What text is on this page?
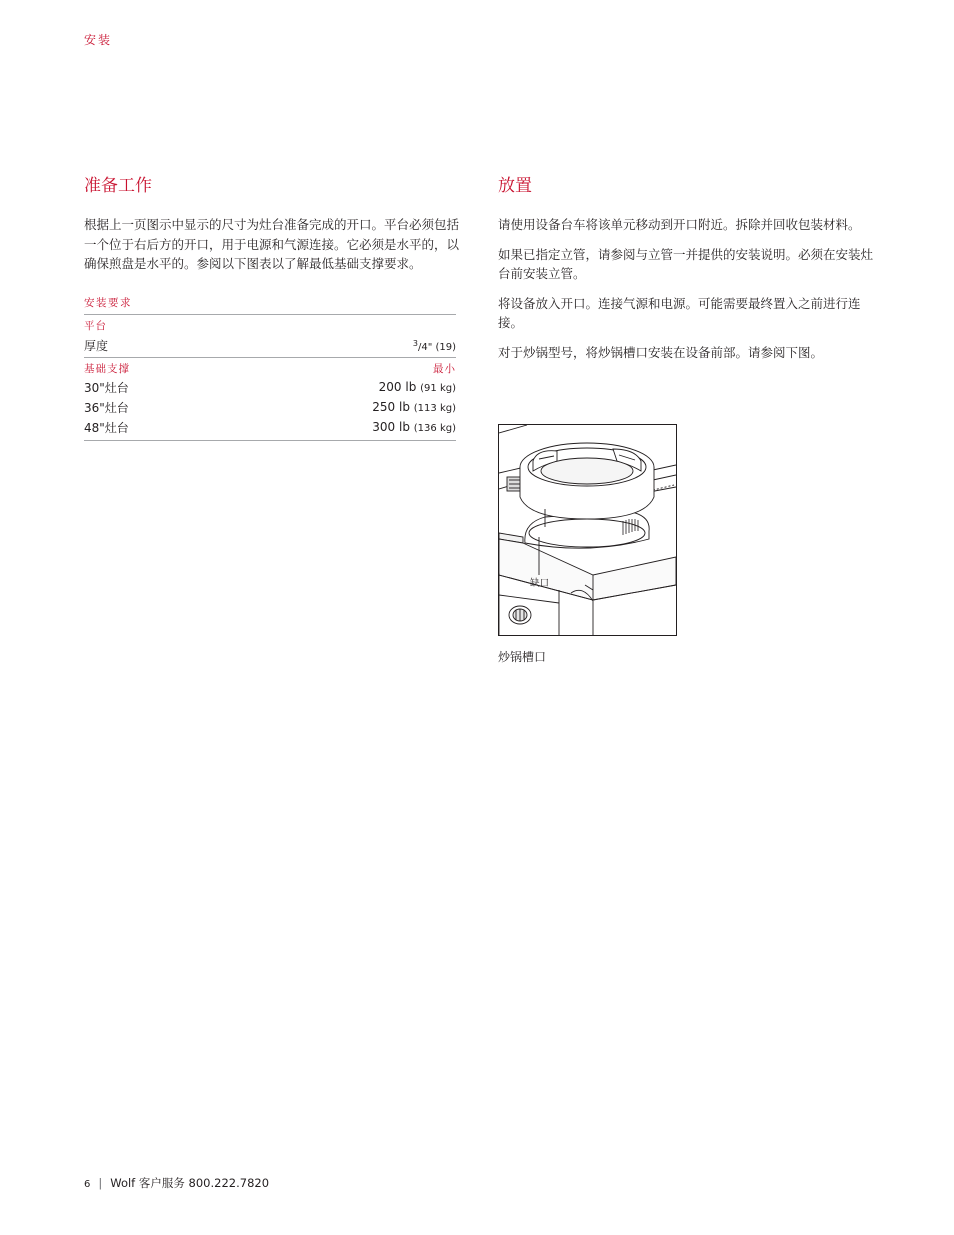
安装
准备工作

根据上一页图示中显示的尺寸为灶台准备完成的开口。平台必须包括一个位于右后方的开口，用于电源和气源连接。它必须是水平的，以确保煎盘是水平的。参阅以下图表以了解最低基础支撑要求。

安装要求	
平台	
厚度	$^3$/4" (19)
基础支撑	最小
30"灶台	200 lb (91 kg)
36"灶台	250 lb (113 kg)
48"灶台	300 lb (136 kg)
放置

请使用设备台车将该单元移动到开口附近。拆除并回收包装材料。

如果已指定立管，请参阅与立管一并提供的安装说明。必须在安装灶台前安装立管。

将设备放入开口。连接气源和电源。可能需要最终置入之前进行连接。

对于炒锅型号，将炒锅槽口安装在设备前部。请参阅下图。

缺口
炒锅槽口
6 | Wolf 客户服务 800.222.7820
